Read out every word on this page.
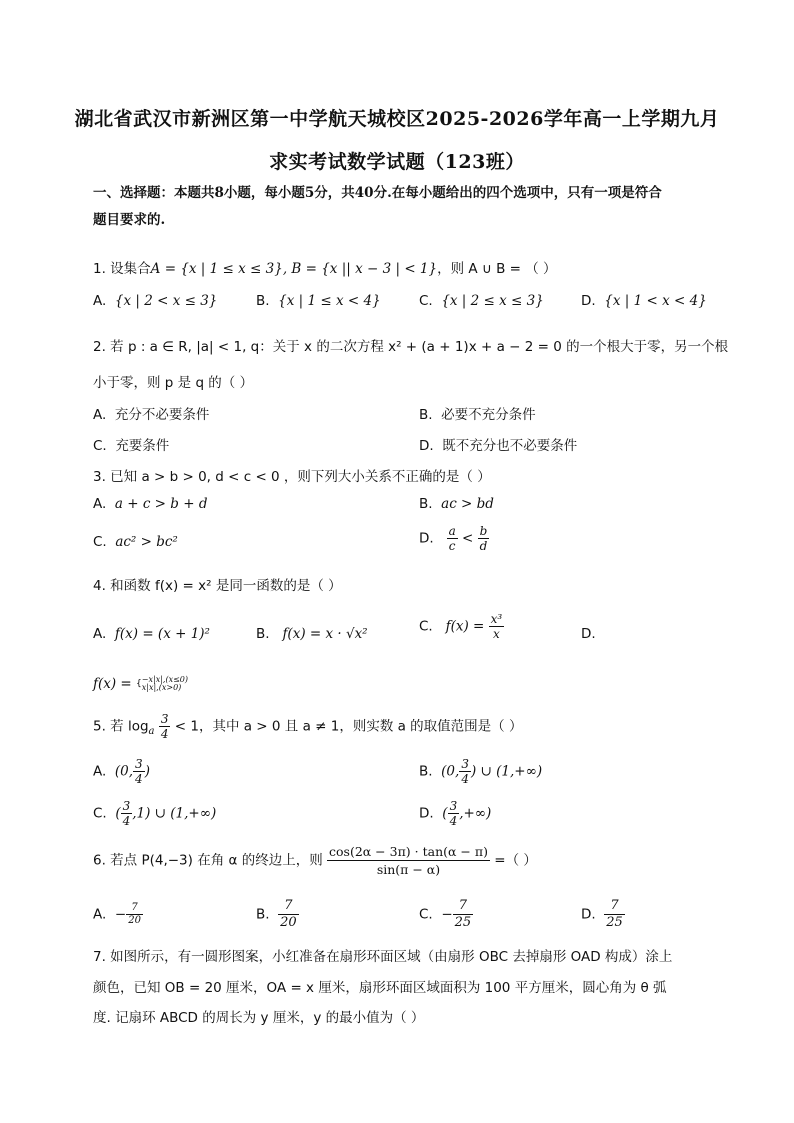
湖北省武汉市新洲区第一中学航天城校区2025-2026学年高一上学期九月
求实考试数学试题（123班）
一、选择题：本题共8小题，每小题5分，共40分.在每小题给出的四个选项中，只有一项是符合
题目要求的.
1. 设集合A = {x | 1 ≤ x ≤ 3}, B = {x || x − 3 | < 1}，则 A ∪ B = （ ）
A. {x | 2 < x ≤ 3}	B. {x | 1 ≤ x < 4}	C. {x | 2 ≤ x ≤ 3}	D. {x | 1 < x < 4}
2. 若 p : a ∈ R, |a| < 1, q：关于 x 的二次方程 x² + (a + 1)x + a − 2 = 0 的一个根大于零，另一个根
小于零，则 p 是 q 的（ ）
A. 充分不必要条件	B. 必要不充分条件
C. 充要条件	D. 既不充分也不必要条件
3. 已知 a > b > 0, d < c < 0 ，则下列大小关系不正确的是（ ）
A. a + c > b + d	B. ac > bd
C. ac² > bc²	D. $\frac{a}{c} < \frac{b}{d}$
4. 和函数 f(x) = x² 是同一函数的是（ ）
A. f(x) = (x + 1)²	B. f(x) = x · √x²	C. $f(x) = \frac{\text{x³}}{x}$	D.
f(x) = { −x|x|,(x≤0)
x|x|,(x>0)
5. 若 $\log_a \frac{3}{4} < 1$，其中 a > 0 且 a ≠ 1，则实数 a 的取值范围是（ ）
A. (0, $\frac{3}{4}$ )	B. (0, $\frac{3}{4}$ ) ∪ (1,+∞)
C. ( $\frac{3}{4} ,1$) ∪ (1,+∞)	D. ( $\frac{3}{4}$ ,+∞)
6. 若点 P(4,−3) 在角 α 的终边上，则 $\frac{\cos(2\alpha - 3\pi) \cdot \tan(\alpha - \pi)}{\sin(\pi - \alpha)}$ =（ ）
A. − $\frac{7}{20}$	B. $\frac{7}{20}$	C. − $\frac{7}{25}$	D. $\frac{7}{25}$
7. 如图所示，有一圆形图案，小红准备在扇形环面区域（由扇形 OBC 去掉扇形 OAD 构成）涂上
颜色，已知 OB = 20 厘米，OA = x 厘米，扇形环面区域面积为 100 平方厘米，圆心角为 θ 弧
度. 记扇环 ABCD 的周长为 y 厘米，y 的最小值为（ ）
